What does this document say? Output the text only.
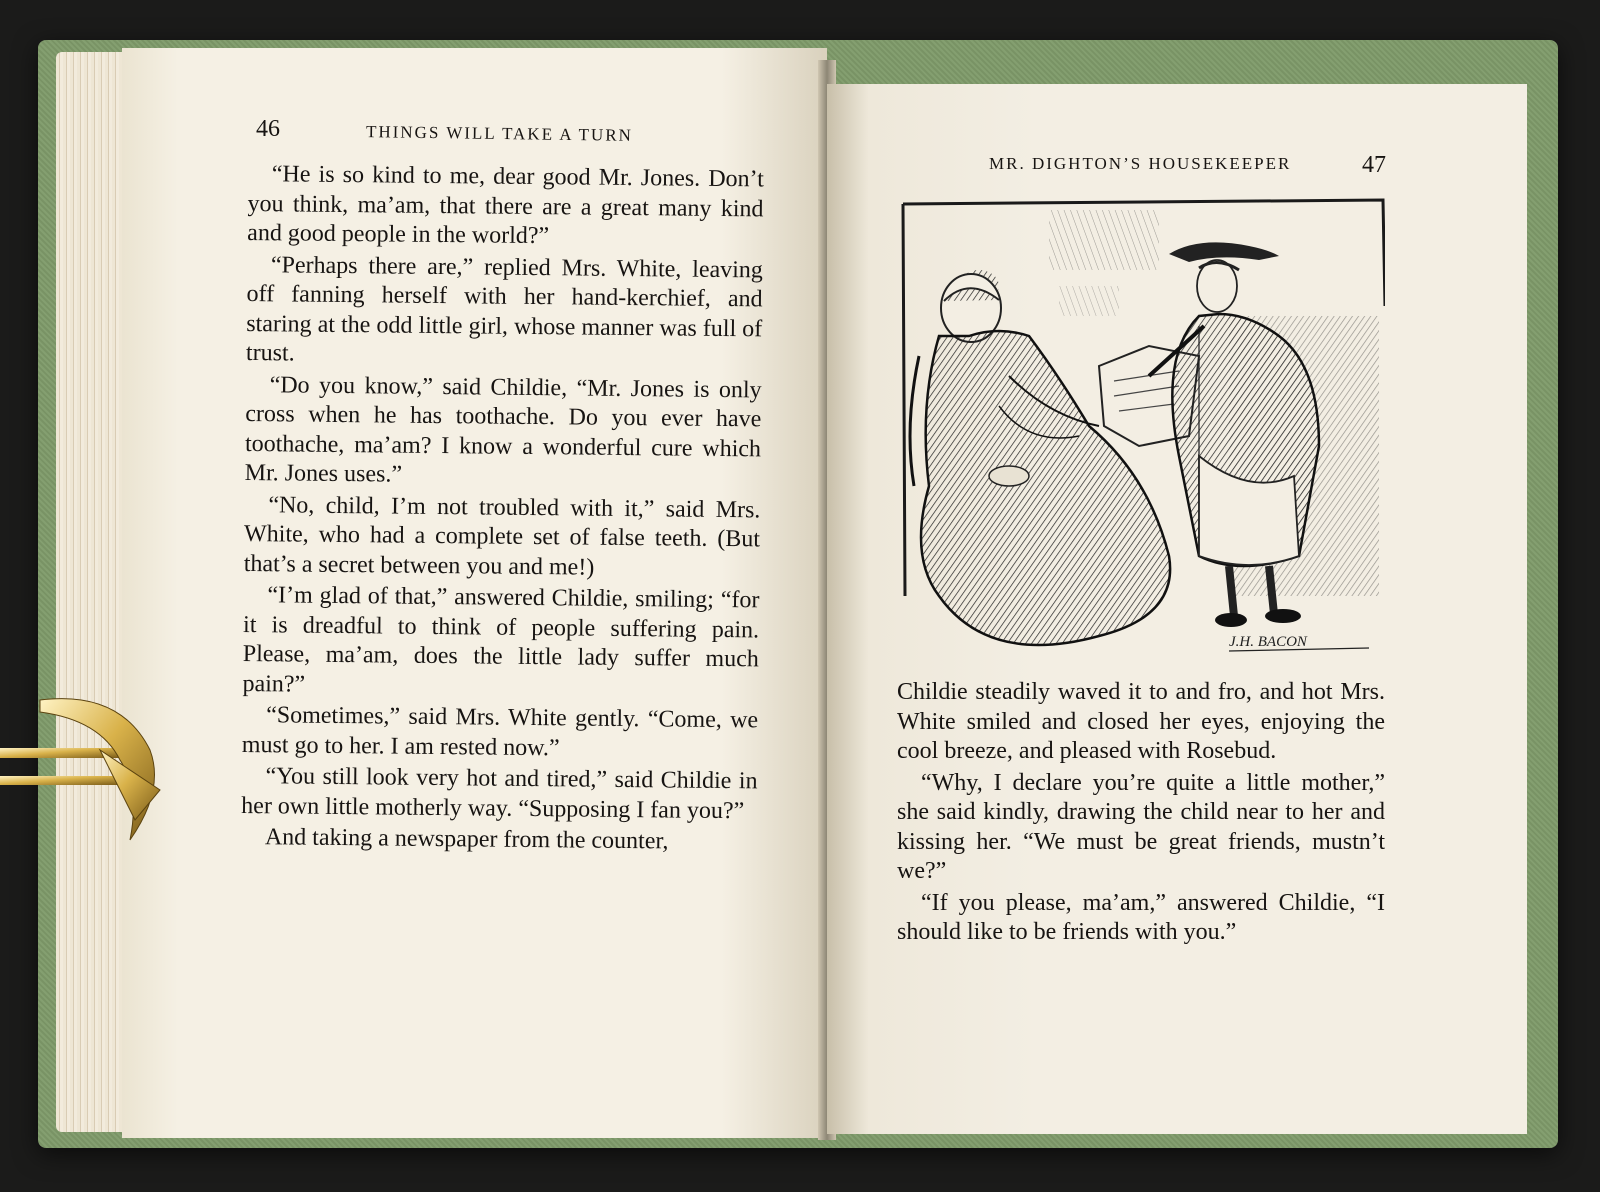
46	THINGS WILL TAKE A TURN

“He is so kind to me, dear good Mr. Jones. Don’t you think, ma’am, that there are a great many kind and good people in the world?”

“Perhaps there are,” replied Mrs. White, leaving off fanning herself with her hand-kerchief, and staring at the odd little girl, whose manner was full of trust.

“Do you know,” said Childie, “Mr. Jones is only cross when he has toothache. Do you ever have toothache, ma’am? I know a wonderful cure which Mr. Jones uses.”

“No, child, I’m not troubled with it,” said Mrs. White, who had a complete set of false teeth. (But that’s a secret between you and me!)

“I’m glad of that,” answered Childie, smiling; “for it is dreadful to think of people suffering pain. Please, ma’am, does the little lady suffer much pain?”

“Sometimes,” said Mrs. White gently. “Come, we must go to her. I am rested now.”

“You still look very hot and tired,” said Childie in her own little motherly way. “Supposing I fan you?”

And taking a newspaper from the counter,

MR. DIGHTON’S HOUSEKEEPER	47
J.H. BACON

Childie steadily waved it to and fro, and hot Mrs. White smiled and closed her eyes, enjoying the cool breeze, and pleased with Rosebud.

“Why, I declare you’re quite a little mother,” she said kindly, drawing the child near to her and kissing her. “We must be great friends, mustn’t we?”

“If you please, ma’am,” answered Childie, “I should like to be friends with you.”
